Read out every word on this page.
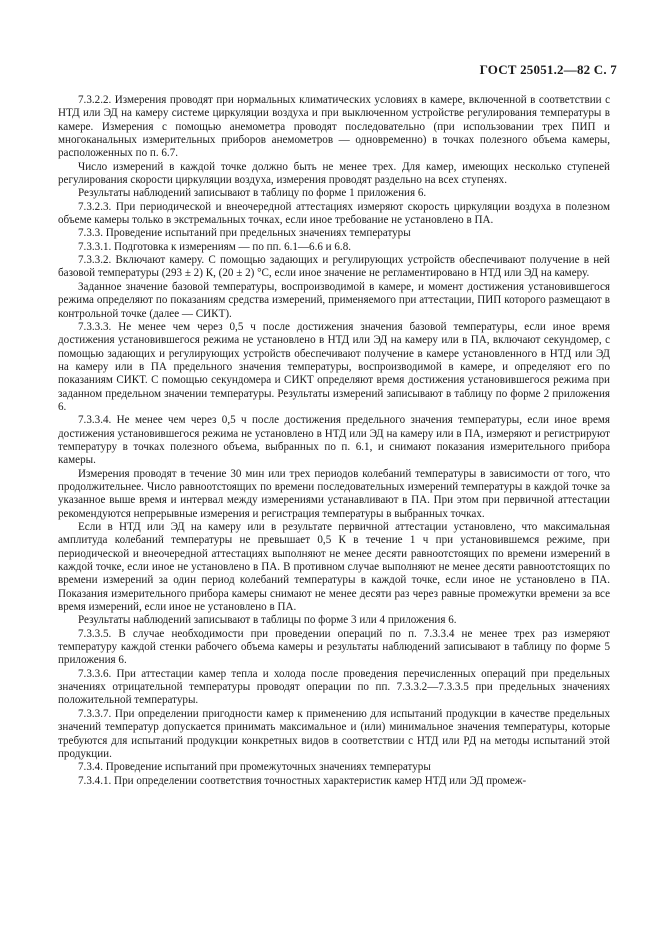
ГОСТ 25051.2—82 С. 7

7.3.2.2. Измерения проводят при нормальных климатических условиях в камере, включенной в соответствии с НТД или ЭД на камеру системе циркуляции воздуха и при выключенном устройстве регулирования температуры в камере. Измерения с помощью анемометра проводят последовательно (при использовании трех ПИП и многоканальных измерительных приборов анемометров — одновременно) в точках полезного объема камеры, расположенных по п. 6.7.

Число измерений в каждой точке должно быть не менее трех. Для камер, имеющих несколько ступеней регулирования скорости циркуляции воздуха, измерения проводят раздельно на всех ступенях.

Результаты наблюдений записывают в таблицу по форме 1 приложения 6.

7.3.2.3. При периодической и внеочередной аттестациях измеряют скорость циркуляции воздуха в полезном объеме камеры только в экстремальных точках, если иное требование не установлено в ПА.

7.3.3. Проведение испытаний при предельных значениях температуры

7.3.3.1. Подготовка к измерениям — по пп. 6.1—6.6 и 6.8.

7.3.3.2. Включают камеру. С помощью задающих и регулирующих устройств обеспечивают получение в ней базовой температуры (293 ± 2) К, (20 ± 2) °С, если иное значение не регламентировано в НТД или ЭД на камеру.

Заданное значение базовой температуры, воспроизводимой в камере, и момент достижения установившегося режима определяют по показаниям средства измерений, применяемого при аттестации, ПИП которого размещают в контрольной точке (далее — СИКТ).

7.3.3.3. Не менее чем через 0,5 ч после достижения значения базовой температуры, если иное время достижения установившегося режима не установлено в НТД или ЭД на камеру или в ПА, включают секундомер, с помощью задающих и регулирующих устройств обеспечивают получение в камере установленного в НТД или ЭД на камеру или в ПА предельного значения температуры, воспроизводимой в камере, и определяют его по показаниям СИКТ. С помощью секундомера и СИКТ определяют время достижения установившегося режима при заданном предельном значении температуры. Результаты измерений записывают в таблицу по форме 2 приложения 6.

7.3.3.4. Не менее чем через 0,5 ч после достижения предельного значения температуры, если иное время достижения установившегося режима не установлено в НТД или ЭД на камеру или в ПА, измеряют и регистрируют температуру в точках полезного объема, выбранных по п. 6.1, и снимают показания измерительного прибора камеры.

Измерения проводят в течение 30 мин или трех периодов колебаний температуры в зависимости от того, что продолжительнее. Число равноотстоящих по времени последовательных измерений температуры в каждой точке за указанное выше время и интервал между измерениями устанавливают в ПА. При этом при первичной аттестации рекомендуются непрерывные измерения и регистрация температуры в выбранных точках.

Если в НТД или ЭД на камеру или в результате первичной аттестации установлено, что максимальная амплитуда колебаний температуры не превышает 0,5 К в течение 1 ч при установившемся режиме, при периодической и внеочередной аттестациях выполняют не менее десяти равноотстоящих по времени измерений в каждой точке, если иное не установлено в ПА. В противном случае выполняют не менее десяти равноотстоящих по времени измерений за один период колебаний температуры в каждой точке, если иное не установлено в ПА. Показания измерительного прибора камеры снимают не менее десяти раз через равные промежутки времени за все время измерений, если иное не установлено в ПА.

Результаты наблюдений записывают в таблицы по форме 3 или 4 приложения 6.

7.3.3.5. В случае необходимости при проведении операций по п. 7.3.3.4 не менее трех раз измеряют температуру каждой стенки рабочего объема камеры и результаты наблюдений записывают в таблицу по форме 5 приложения 6.

7.3.3.6. При аттестации камер тепла и холода после проведения перечисленных операций при предельных значениях отрицательной температуры проводят операции по пп. 7.3.3.2—7.3.3.5 при предельных значениях положительной температуры.

7.3.3.7. При определении пригодности камер к применению для испытаний продукции в качестве предельных значений температур допускается принимать максимальное и (или) минимальное значения температуры, которые требуются для испытаний продукции конкретных видов в соответствии с НТД или РД на методы испытаний этой продукции.

7.3.4. Проведение испытаний при промежуточных значениях температуры

7.3.4.1. При определении соответствия точностных характеристик камер НТД или ЭД промеж-
